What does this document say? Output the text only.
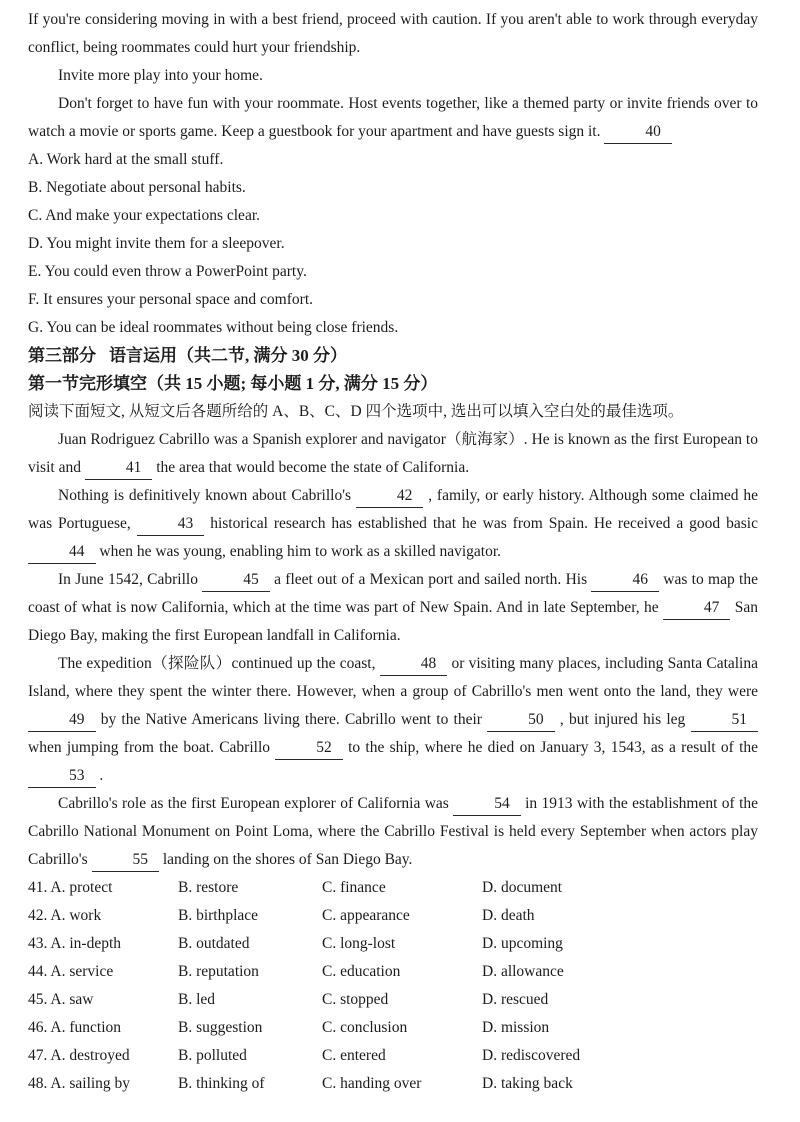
If you're considering moving in with a best friend, proceed with caution. If you aren't able to work through everyday conflict, being roommates could hurt your friendship.

Invite more play into your home.

Don't forget to have fun with your roommate. Host events together, like a themed party or invite friends over to watch a movie or sports game. Keep a guestbook for your apartment and have guests sign it.	40

A. Work hard at the small stuff.

B. Negotiate about personal habits.

C. And make your expectations clear.

D. You might invite them for a sleepover.

E. You could even throw a PowerPoint party.

F. It ensures your personal space and comfort.

G. You can be ideal roommates without being close friends.

第三部分 语言运用（共二节, 满分 30 分）

第一节完形填空（共 15 小题; 每小题 1 分, 满分 15 分）

阅读下面短文, 从短文后各题所给的 A、B、C、D 四个选项中, 选出可以填入空白处的最佳选项。

Juan Rodriguez Cabrillo was a Spanish explorer and navigator（航海家）. He is known as the first European to visit and	41 the area that would become the state of California.

Nothing is definitively known about Cabrillo's	42 , family, or early history. Although some claimed he was Portuguese,	43 historical research has established that he was from Spain. He received a good basic 44 when he was young, enabling him to work as a skilled navigator.

In June 1542, Cabrillo	45 a fleet out of a Mexican port and sailed north. His	46 was to map the coast of what is now California, which at the time was part of New Spain. And in late September, he	47 San Diego Bay, making the first European landfall in California.

The expedition（探险队）continued up the coast,	48 or visiting many places, including Santa Catalina Island, where they spent the winter there. However, when a group of Cabrillo's men went onto the land, they were 49 by the Native Americans living there. Cabrillo went to their	50 , but injured his leg	51 when jumping from the boat. Cabrillo	52 to the ship, where he died on January 3, 1543, as a result of the 53 .

Cabrillo's role as the first European explorer of California was	54 in 1913 with the establishment of the Cabrillo National Monument on Point Loma, where the Cabrillo Festival is held every September when actors play Cabrillo's	55 landing on the shores of San Diego Bay.

41. A. protect	B. restore	C. finance	D. document
42. A. work	B. birthplace	C. appearance	D. death
43. A. in-depth	B. outdated	C. long-lost	D. upcoming
44. A. service	B. reputation	C. education	D. allowance
45. A. saw	B. led	C. stopped	D. rescued
46. A. function	B. suggestion	C. conclusion	D. mission
47. A. destroyed	B. polluted	C. entered	D. rediscovered
48. A. sailing by	B. thinking of	C. handing over	D. taking back
